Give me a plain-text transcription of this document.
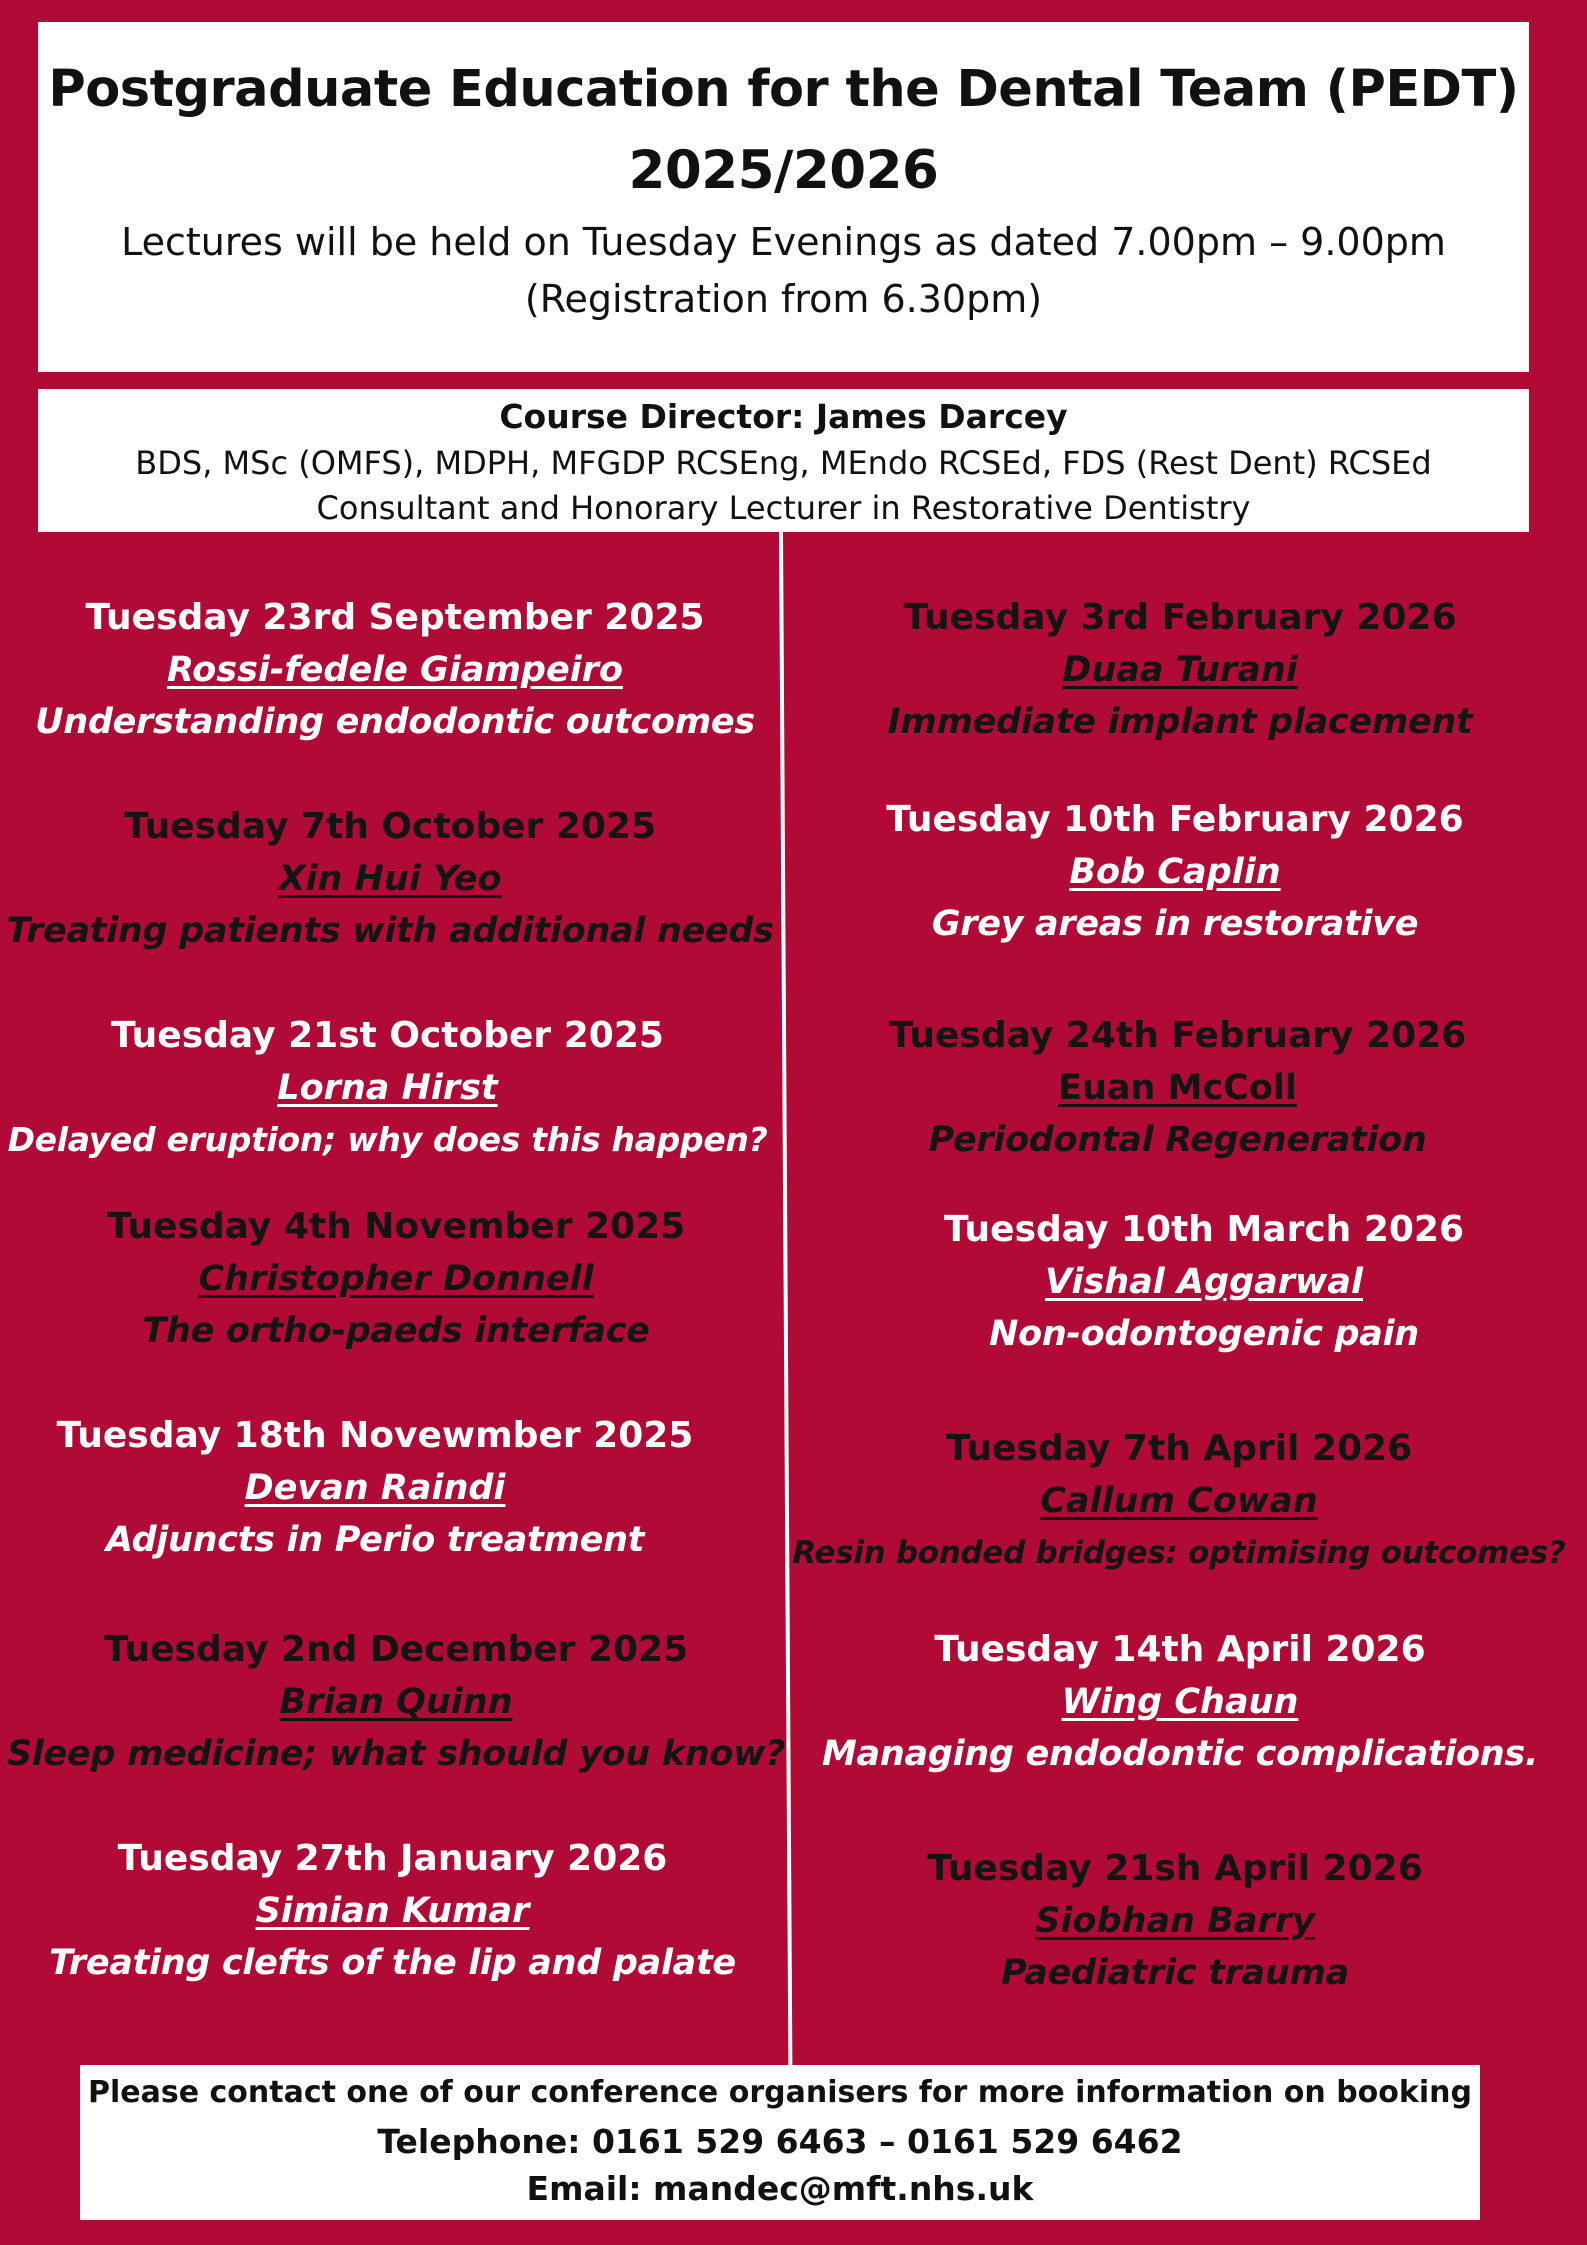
Postgraduate Education for the Dental Team (PEDT)
2025/2026
Lectures will be held on Tuesday Evenings as dated 7.00pm – 9.00pm
(Registration from 6.30pm)
Course Director: James Darcey
BDS, MSc (OMFS), MDPH, MFGDP RCSEng, MEndo RCSEd, FDS (Rest Dent) RCSEd
Consultant and Honorary Lecturer in Restorative Dentistry
Tuesday 23rd September 2025
Rossi-fedele Giampeiro
Understanding endodontic outcomes
Tuesday 7th October 2025
Xin Hui Yeo
Treating patients with additional needs
Tuesday 21st October 2025
Lorna Hirst
Delayed eruption; why does this happen?
Tuesday 4th November 2025
Christopher Donnell
The ortho-paeds interface
Tuesday 18th Novewmber 2025
Devan Raindi
Adjuncts in Perio treatment
Tuesday 2nd December 2025
Brian Quinn
Sleep medicine; what should you know?
Tuesday 27th January 2026
Simian Kumar
Treating clefts of the lip and palate
Tuesday 3rd February 2026
Duaa Turani
Immediate implant placement
Tuesday 10th February 2026
Bob Caplin
Grey areas in restorative
Tuesday 24th February 2026
Euan McColl
Periodontal Regeneration
Tuesday 10th March 2026
Vishal Aggarwal
Non-odontogenic pain
Tuesday 7th April 2026
Callum Cowan
Resin bonded bridges: optimising outcomes?
Tuesday 14th April 2026
Wing Chaun
Managing endodontic complications.
Tuesday 21sh April 2026
Siobhan Barry
Paediatric trauma
Please contact one of our conference organisers for more information on booking
Telephone: 0161 529 6463 – 0161 529 6462
Email: mandec@mft.nhs.uk
